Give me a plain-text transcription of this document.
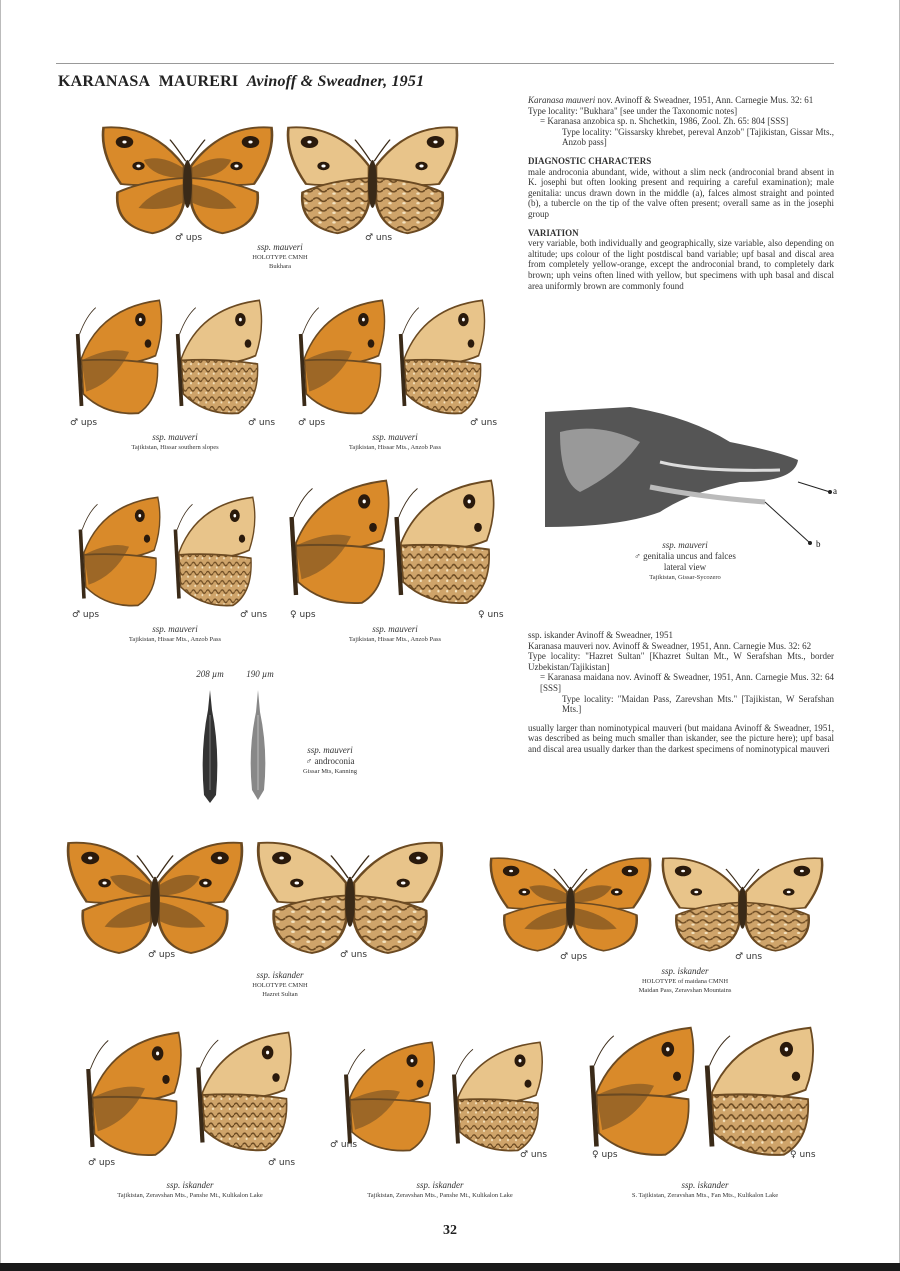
KARANASA MAURERI Avinoff & Sweadner, 1951
♂ ups	♂ uns
ssp. mauveri
HOLOTYPE CMNH
Bukhara
♂ ups	♂ uns
ssp. mauveri
Tajikistan, Hissar southern slopes
♂ ups	♂ uns
ssp. mauveri
Tajikistan, Hissar Mts., Anzob Pass
♂ ups	♂ uns
ssp. mauveri
Tajikistan, Hissar Mts., Anzob Pass
♀ ups	♀ uns
ssp. mauveri
Tajikistan, Hissar Mts., Anzob Pass
♂ ups	♂ uns
ssp. iskander
HOLOTYPE CMNH
Hazret Sultan
♂ ups	♂ uns
ssp. iskander
HOLOTYPE of maidana CMNH
Maidan Pass, Zeravshan Mountains
♂ ups	♂ uns
ssp. iskander
Tajikistan, Zeravshan Mts., Panshe Mt., Kulikalon Lake
♂ uns
♂ uns
ssp. iskander
Tajikistan, Zeravshan Mts., Panshe Mt., Kulikalon Lake
♀ ups	♀ uns
ssp. iskander
S. Tajikistan, Zeravshan Mts., Fan Mts., Kulikalon Lake
a
b
ssp. mauveri
♂ genitalia uncus and falces
lateral view
Tajikistan, Gissar-Sycozero
208 µm	190 µm
ssp. mauveri
♂ androconia
Gissar Mts, Kanning
Karanasa mauveri nov. Avinoff & Sweadner, 1951, Ann. Carnegie Mus. 32: 61
Type locality: "Bukhara" [see under the Taxonomic notes]
= Karanasa anzobica sp. n. Shchetkin, 1986, Zool. Zh. 65: 804 [SSS]
Type locality: "Gissarsky khrebet, pereval Anzob" [Tajikistan, Gissar Mts., Anzob pass]
DIAGNOSTIC CHARACTERS
male androconia abundant, wide, without a slim neck (androconial brand absent in K. josephi but often looking present and requiring a careful examination); male genitalia: uncus drawn down in the middle (a), falces almost straight and pointed (b), a tubercle on the tip of the valve often present; overall same as in the josephi group
VARIATION
very variable, both individually and geographically, size variable, also depending on altitude; ups colour of the light postdiscal band variable; upf basal and discal area from completely yellow-orange, except the androconial brand, to completely dark brown; uph veins often lined with yellow, but specimens with uph basal and discal area uniformly brown are commonly found
ssp. iskander Avinoff & Sweadner, 1951
Karanasa mauveri nov. Avinoff & Sweadner, 1951, Ann. Carnegie Mus. 32: 62
Type locality: "Hazret Sultan" [Khazret Sultan Mt., W Serafshan Mts., border Uzbekistan/Tajikistan]
= Karanasa maidana nov. Avinoff & Sweadner, 1951, Ann. Carnegie Mus. 32: 64 [SSS]
Type locality: "Maidan Pass, Zarevshan Mts." [Tajikistan, W Serafshan Mts.]
usually larger than nominotypical mauveri (but maidana Avinoff & Sweadner, 1951, was described as being much smaller than iskander, see the picture here); upf basal and discal area usually darker than the darkest specimens of nominotypical mauveri
32
